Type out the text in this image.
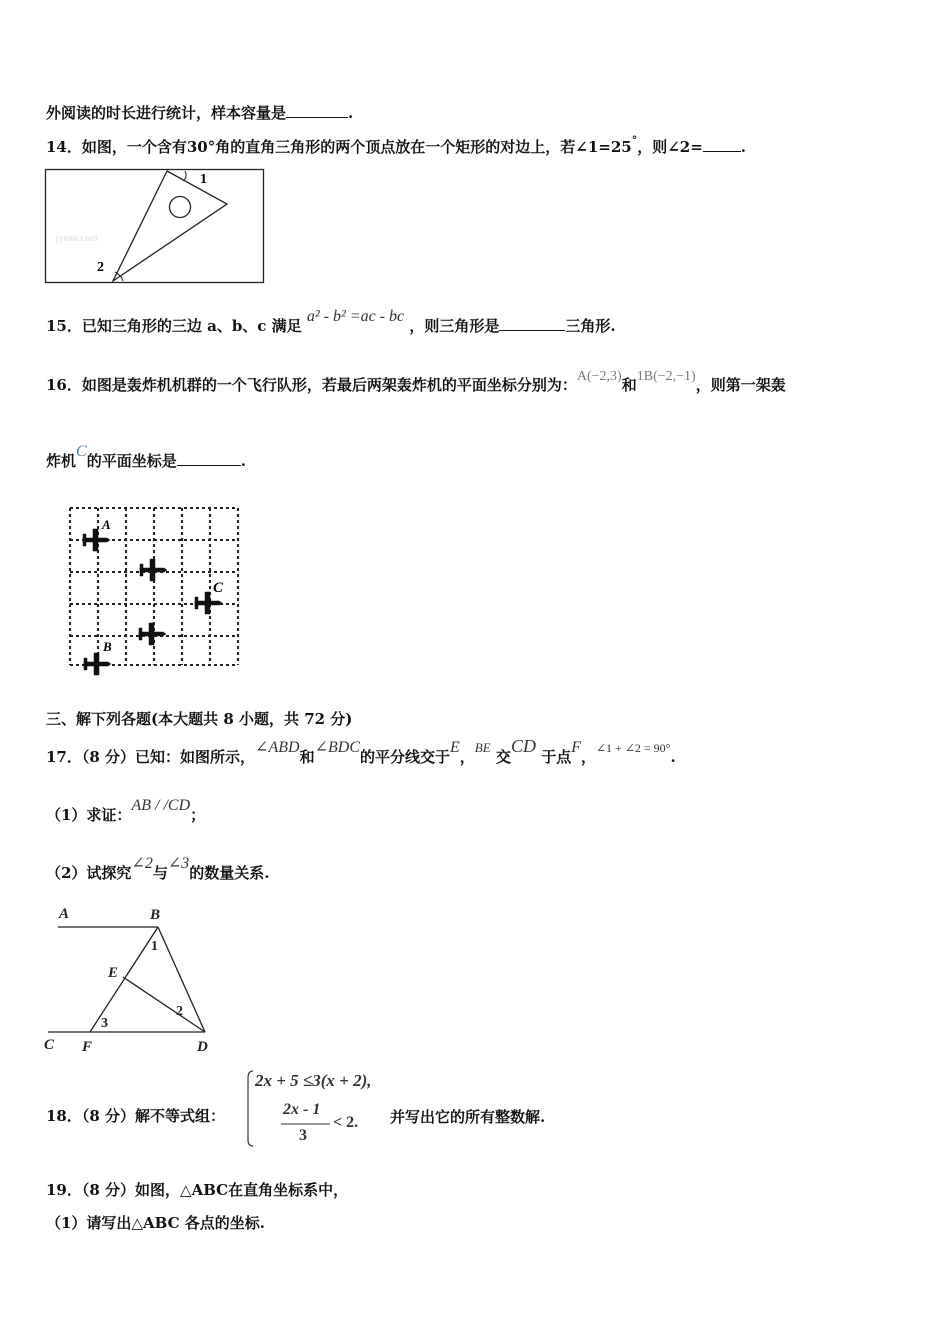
外阅读的时长进行统计，样本容量是	.
14．如图，一个含有30°角的直角三角形的两个顶点放在一个矩形的对边上，若∠1=25°，则∠2=	.
1
2
jyeoo.com
15．已知三角形的三边 a、b、c 满足 a² - b² =ac - bc ，则三角形是	三角形.
16．如图是轰炸机机群的一个飞行队形，若最后两架轰炸机的平面坐标分别为：A(−2,3)和1B(−2,−1)，则第一架轰
炸机C的平面坐标是	.
A
B
C
三、解下列各题(本大题共 8 小题，共 72 分)
17．（8 分）已知：如图所示，∠ABD和∠BDC的平分线交于E，BE 交CD 于点F，$^{\angle 1 + \angle 2 = 90^\circ}$.
（1）求证：AB / /CD；
（2）试探究∠2与∠3的数量关系.
A	B
C	D
E
F
1
2
3
18．（8 分）解不等式组：
2x + 5 ≤3(x + 2),
2x - 1
3
< 2. 并写出它的所有整数解.
19．（8 分）如图，△ABC在直角坐标系中，
（1）请写出△ABC 各点的坐标.
